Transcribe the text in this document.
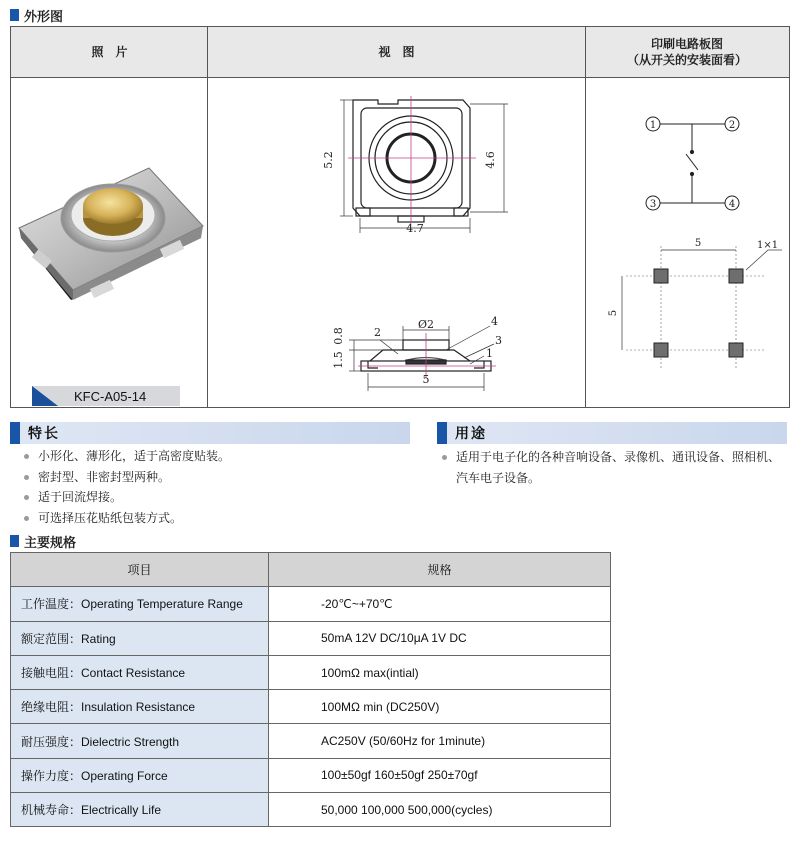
外形图
照　片	视　图
印刷电路板图
（从开关的安装面看）
5.2	4.6
4.7
Ø2
0.8
1.5
5
2
4
3
1
1	2
3	4
5
5
1×1
KFC-A05-14
特长
小形化、薄形化，适于高密度贴装。
密封型、非密封型两种。
适于回流焊接。
可选择压花贴纸包装方式。
用途
适用于电子化的各种音响设备、录像机、通讯设备、照相机、汽车电子设备。
主要规格
项目	规格
工作温度：Operating Temperature Range	-20℃~+70℃
额定范围：Rating	50mA 12V DC/10μA 1V DC
接触电阻：Contact Resistance	100mΩ max(intial)
绝缘电阻：Insulation Resistance	100MΩ min (DC250V)
耐压强度：Dielectric Strength	AC250V (50/60Hz for 1minute)
操作力度：Operating Force	100±50gf 160±50gf 250±70gf
机械寿命：Electrically Life	50,000 100,000 500,000(cycles)
